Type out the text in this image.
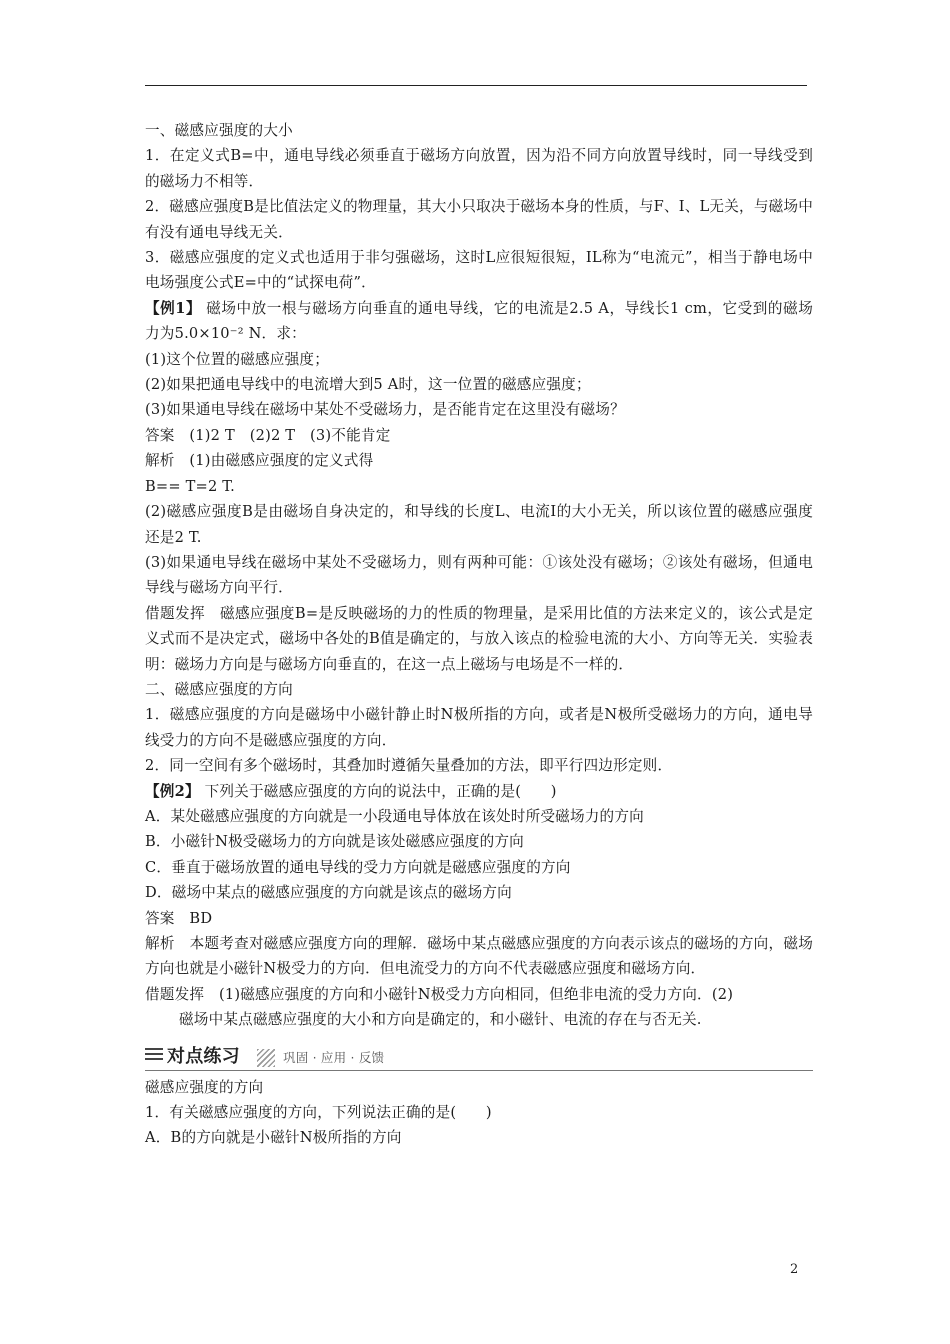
一、磁感应强度的大小

1．在定义式B=中，通电导线必须垂直于磁场方向放置，因为沿不同方向放置导线时，同一导线受到的磁场力不相等．

2．磁感应强度B是比值法定义的物理量，其大小只取决于磁场本身的性质，与F、I、L无关，与磁场中有没有通电导线无关．

3．磁感应强度的定义式也适用于非匀强磁场，这时L应很短很短，IL称为“电流元”，相当于静电场中电场强度公式E=中的“试探电荷”．

【例1】 磁场中放一根与磁场方向垂直的通电导线，它的电流是2.5 A，导线长1 cm，它受到的磁场力为5.0×10⁻² N．求：

(1)这个位置的磁感应强度；

(2)如果把通电导线中的电流增大到5 A时，这一位置的磁感应强度；

(3)如果通电导线在磁场中某处不受磁场力，是否能肯定在这里没有磁场？

答案　 (1)2 T　(2)2 T　(3)不能肯定

解析　 (1)由磁感应强度的定义式得

B== T=2 T.

(2)磁感应强度B是由磁场自身决定的，和导线的长度L、电流I的大小无关，所以该位置的磁感应强度还是2 T.

(3)如果通电导线在磁场中某处不受磁场力，则有两种可能：①该处没有磁场；②该处有磁场，但通电导线与磁场方向平行．

借题发挥　 磁感应强度B=是反映磁场的力的性质的物理量，是采用比值的方法来定义的，该公式是定义式而不是决定式，磁场中各处的B值是确定的，与放入该点的检验电流的大小、方向等无关．实验表明：磁场力方向是与磁场方向垂直的，在这一点上磁场与电场是不一样的．

二、磁感应强度的方向

1．磁感应强度的方向是磁场中小磁针静止时N极所指的方向，或者是N极所受磁场力的方向，通电导线受力的方向不是磁感应强度的方向．

2．同一空间有多个磁场时，其叠加时遵循矢量叠加的方法，即平行四边形定则．

【例2】 下列关于磁感应强度的方向的说法中，正确的是(　　)

A．某处磁感应强度的方向就是一小段通电导体放在该处时所受磁场力的方向

B．小磁针N极受磁场力的方向就是该处磁感应强度的方向

C．垂直于磁场放置的通电导线的受力方向就是磁感应强度的方向

D．磁场中某点的磁感应强度的方向就是该点的磁场方向

答案　 BD

解析　 本题考查对磁感应强度方向的理解．磁场中某点磁感应强度的方向表示该点的磁场的方向，磁场方向也就是小磁针N极受力的方向．但电流受力的方向不代表磁感应强度和磁场方向．

借题发挥　 (1)磁感应强度的方向和小磁针N极受力方向相同，但绝非电流的受力方向．(2)

磁场中某点磁感应强度的大小和方向是确定的，和小磁针、电流的存在与否无关.

对点练习	巩固 · 应用 · 反馈

磁感应强度的方向

1．有关磁感应强度的方向，下列说法正确的是(　　)

A．B的方向就是小磁针N极所指的方向

2
